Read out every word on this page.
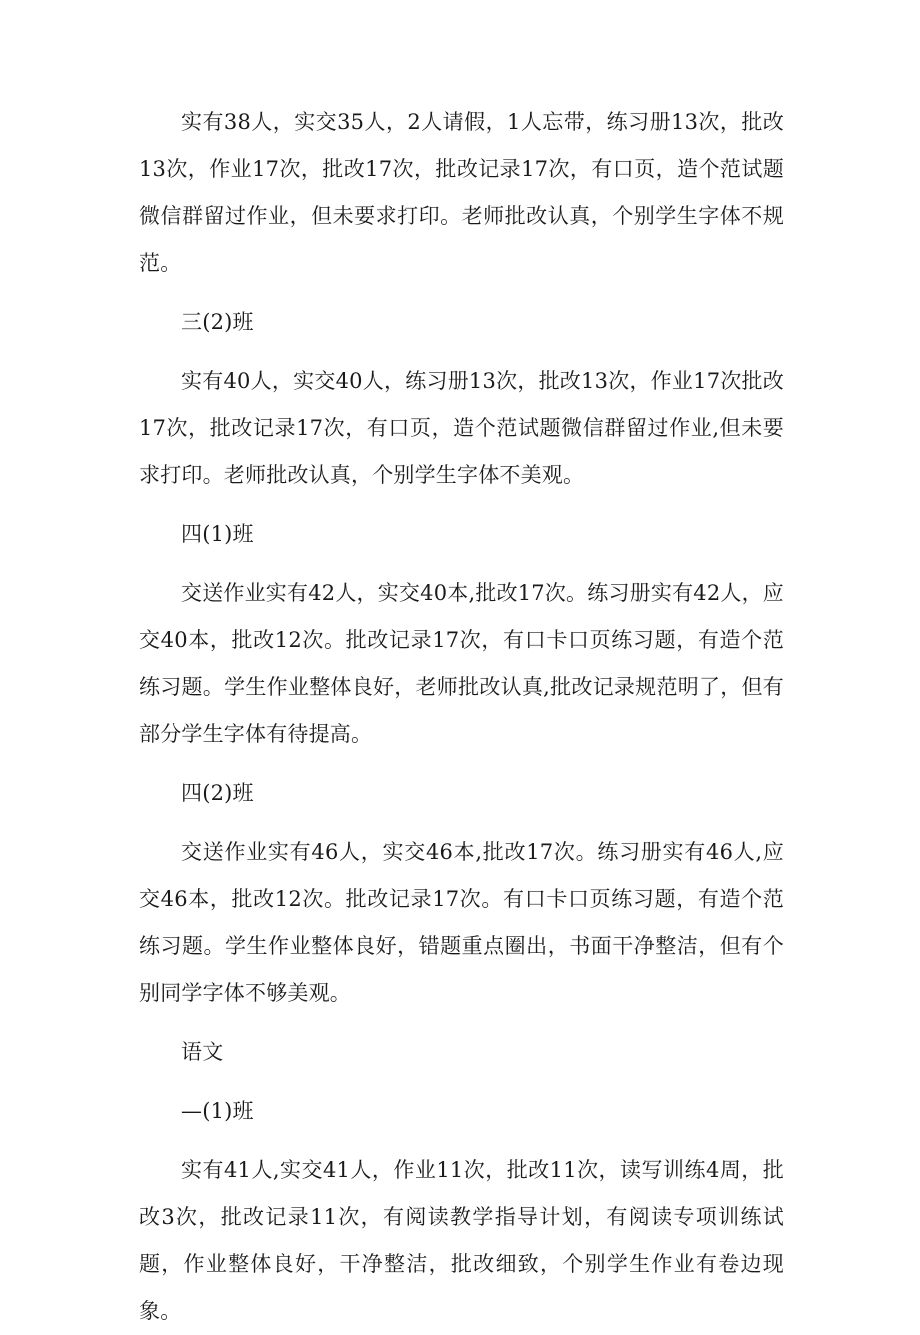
实有38人，实交35人，2人请假，1人忘带，练习册13次，批改13次，作业17次，批改17次，批改记录17次，有口页，造个范试题微信群留过作业，但未要求打印。老师批改认真，个别学生字体不规范。

三(2)班

实有40人，实交40人，练习册13次，批改13次，作业17次批改17次，批改记录17次，有口页，造个范试题微信群留过作业,但未要求打印。老师批改认真，个别学生字体不美观。

四(1)班

交送作业实有42人，实交40本,批改17次。练习册实有42人，应交40本，批改12次。批改记录17次，有口卡口页练习题，有造个范练习题。学生作业整体良好，老师批改认真,批改记录规范明了，但有部分学生字体有待提高。

四(2)班

交送作业实有46人，实交46本,批改17次。练习册实有46人,应交46本，批改12次。批改记录17次。有口卡口页练习题，有造个范练习题。学生作业整体良好，错题重点圈出，书面干净整洁，但有个别同学字体不够美观。

语文

—(1)班

实有41人,实交41人，作业11次，批改11次，读写训练4周，批改3次，批改记录11次，有阅读教学指导计划，有阅读专项训练试题，作业整体良好，干净整洁，批改细致，个别学生作业有卷边现象。
